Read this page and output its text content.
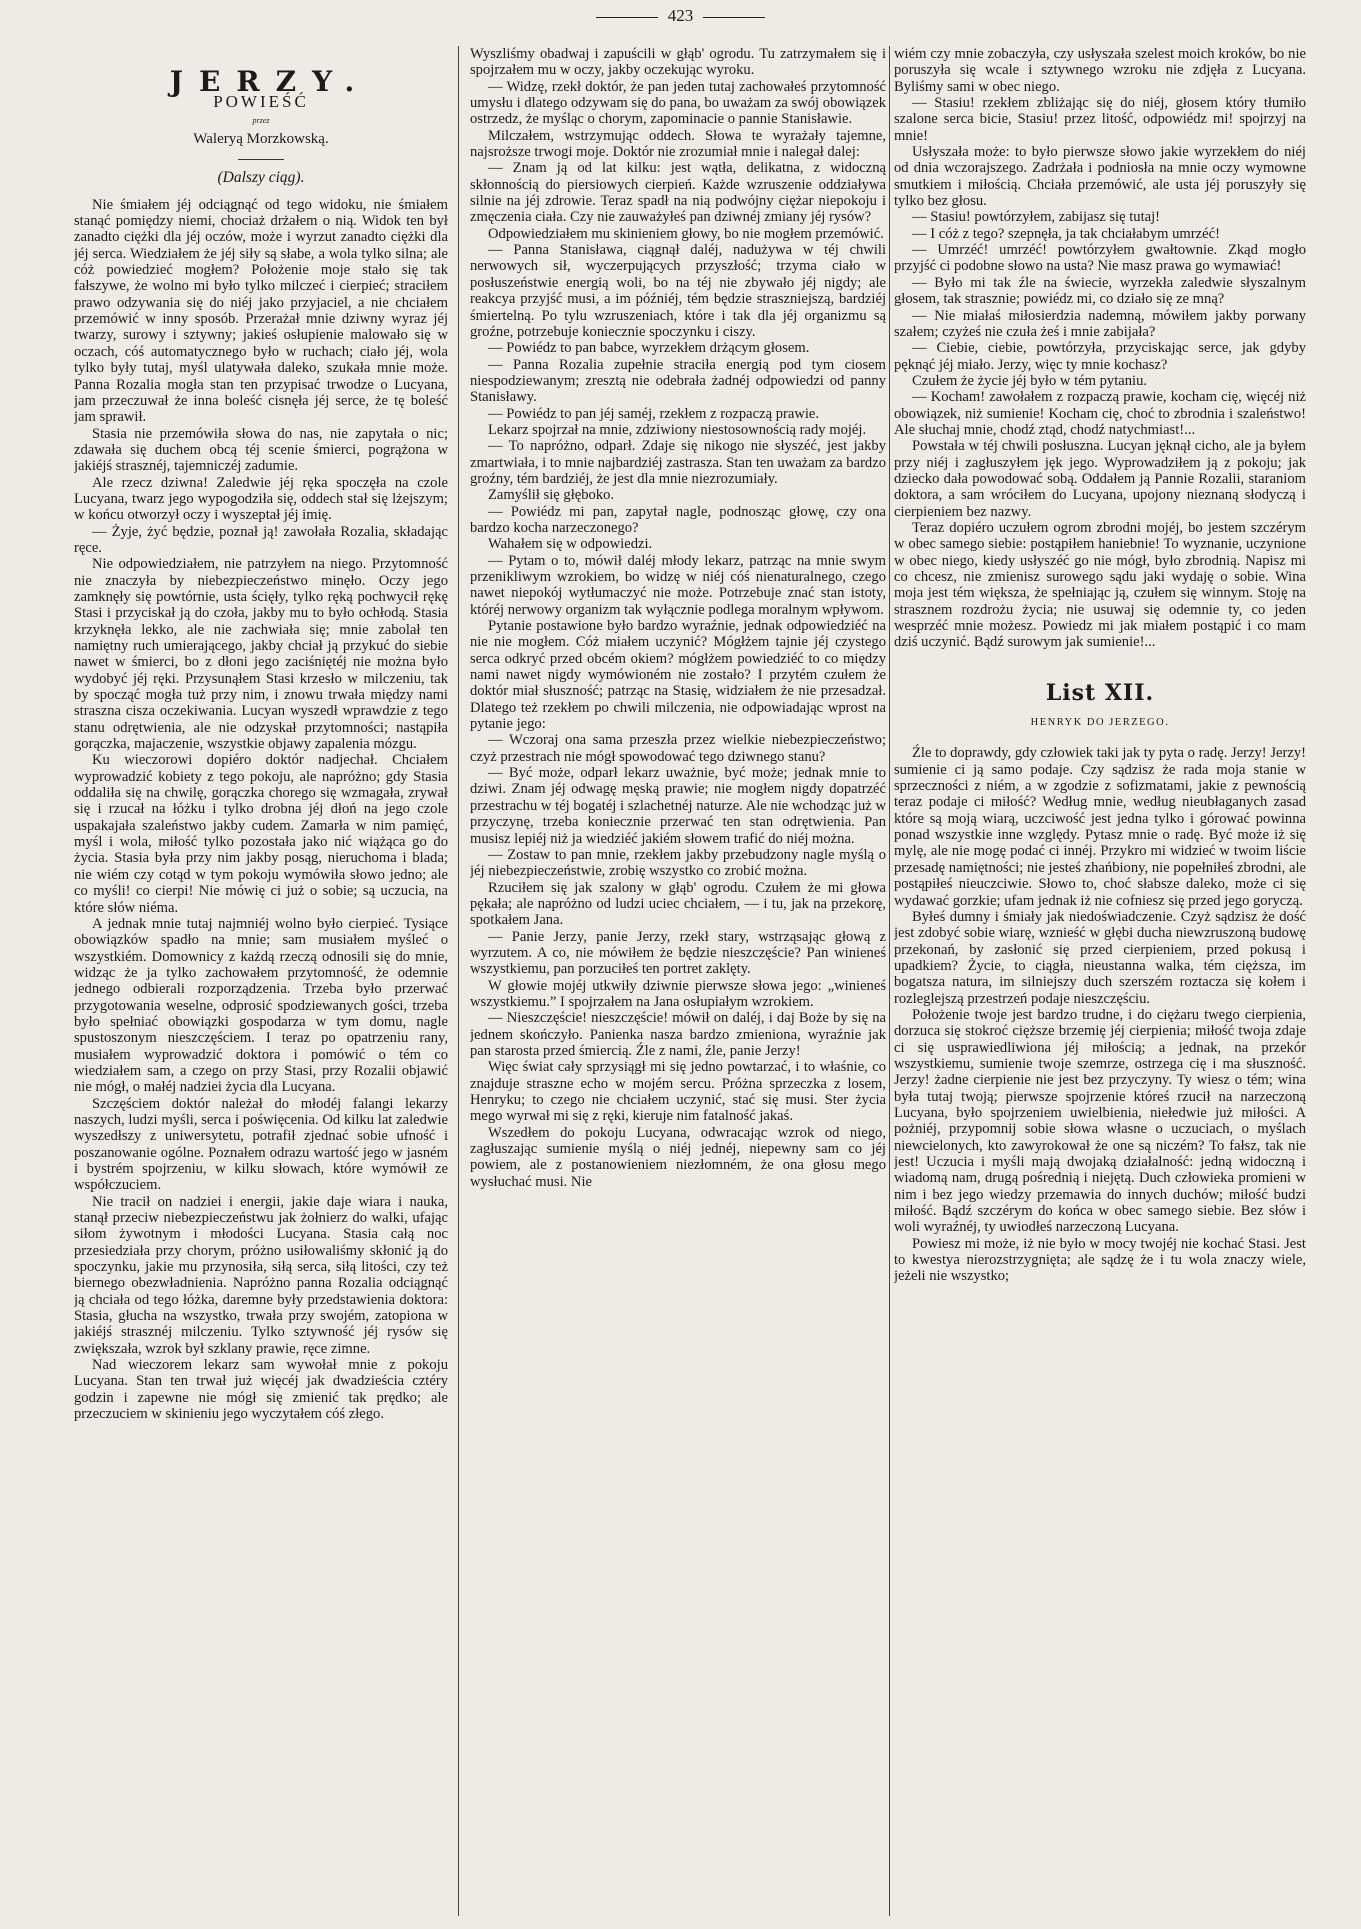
423
JERZY.
POWIEŚĆ
przez
Waleryą Morzkowską.
(Dalszy ciąg).

Nie śmiałem jéj odciągnąć od tego widoku, nie śmiałem stanąć pomiędzy niemi, chociaż drżałem o nią. Widok ten był zanadto ciężki dla jéj oczów, może i wyrzut zanadto ciężki dla jéj serca. Wiedziałem że jéj siły są słabe, a wola tylko silna; ale cóż powiedzieć mogłem? Położenie moje stało się tak fałszywe, że wolno mi było tylko milczeć i cierpieć; straciłem prawo odzywania się do niéj jako przyjaciel, a nie chciałem przemówić w inny sposób. Przerażał mnie dziwny wyraz jéj twarzy, surowy i sztywny; jakieś osłupienie malowało się w oczach, cóś automatycznego było w ruchach; ciało jéj, wola tylko były tutaj, myśl ulatywała daleko, szukała mnie może. Panna Rozalia mogła stan ten przypisać trwodze o Lucyana, jam przeczuwał że inna boleść cisnęła jéj serce, że tę boleść jam sprawił.

Stasia nie przemówiła słowa do nas, nie zapytała o nic; zdawała się duchem obcą téj scenie śmierci, pogrążona w jakiéjś strasznéj, tajemniczéj zadumie.

Ale rzecz dziwna! Zaledwie jéj ręka spoczęła na czole Lucyana, twarz jego wypogodziła się, oddech stał się lżejszym; w końcu otworzył oczy i wyszeptał jéj imię.

— Żyje, żyć będzie, poznał ją! zawołała Rozalia, składając ręce.

Nie odpowiedziałem, nie patrzyłem na niego. Przytomność nie znaczyła by niebezpieczeństwo minęło. Oczy jego zamknęły się powtórnie, usta ścięły, tylko ręką pochwycił rękę Stasi i przyciskał ją do czoła, jakby mu to było ochłodą. Stasia krzyknęła lekko, ale nie zachwiała się; mnie zabolał ten namiętny ruch umierającego, jakby chciał ją przykuć do siebie nawet w śmierci, bo z dłoni jego zaciśniętéj nie można było wydobyć jéj ręki. Przysunąłem Stasi krzesło w milczeniu, tak by spocząć mogła tuż przy nim, i znowu trwała między nami straszna cisza oczekiwania. Lucyan wyszedł wprawdzie z tego stanu odrętwienia, ale nie odzyskał przytomności; nastąpiła gorączka, majaczenie, wszystkie objawy zapalenia mózgu.

Ku wieczorowi dopiéro doktór nadjechał. Chciałem wyprowadzić kobiety z tego pokoju, ale napróżno; gdy Stasia oddaliła się na chwilę, gorączka chorego się wzmagała, zrywał się i rzucał na łóżku i tylko drobna jéj dłoń na jego czole uspakajała szaleństwo jakby cudem. Zamarła w nim pamięć, myśl i wola, miłość tylko pozostała jako nić wiążąca go do życia. Stasia była przy nim jakby posąg, nieruchoma i blada; nie wiém czy cotąd w tym pokoju wymówiła słowo jedno; ale co myśli! co cierpi! Nie mówię ci już o sobie; są uczucia, na które słów niéma.

A jednak mnie tutaj najmniéj wolno było cierpieć. Tysiące obowiązków spadło na mnie; sam musiałem myśleć o wszystkiém. Domownicy z każdą rzeczą odnosili się do mnie, widząc że ja tylko zachowałem przytomność, że odemnie jednego odbierali rozporządzenia. Trzeba było przerwać przygotowania weselne, odprosić spodziewanych gości, trzeba było spełniać obowiązki gospodarza w tym domu, nagle spustoszonym nieszczęściem. I teraz po opatrzeniu rany, musiałem wyprowadzić doktora i pomówić o tém co wiedziałem sam, a czego on przy Stasi, przy Rozalii objawić nie mógł, o małéj nadziei życia dla Lucyana.

Szczęściem doktór należał do młodéj falangi lekarzy naszych, ludzi myśli, serca i poświęcenia. Od kilku lat zaledwie wyszedłszy z uniwersytetu, potrafił zjednać sobie ufność i poszanowanie ogólne. Poznałem odrazu wartość jego w jasném i bystrém spojrzeniu, w kilku słowach, które wymówił ze współczuciem.

Nie tracił on nadziei i energii, jakie daje wiara i nauka, stanął przeciw niebezpieczeństwu jak żołnierz do walki, ufając siłom żywotnym i młodości Lucyana. Stasia całą noc przesiedziała przy chorym, próżno usiłowaliśmy skłonić ją do spoczynku, jakie mu przynosiła, siłą serca, siłą litości, czy też biernego obezwładnienia. Napróżno panna Rozalia odciągnąć ją chciała od tego łóżka, daremne były przedstawienia doktora: Stasia, głucha na wszystko, trwała przy swojém, zatopiona w jakiéjś strasznéj milczeniu. Tylko sztywność jéj rysów się zwiększała, wzrok był szklany prawie, ręce zimne.

Nad wieczorem lekarz sam wywołał mnie z pokoju Lucyana. Stan ten trwał już więcéj jak dwadzieścia cztéry godzin i zapewne nie mógł się zmienić tak prędko; ale przeczuciem w skinieniu jego wyczytałem cóś złego.

Wyszliśmy obadwaj i zapuścili w głąb' ogrodu. Tu zatrzymałem się i spojrzałem mu w oczy, jakby oczekując wyroku.

— Widzę, rzekł doktór, że pan jeden tutaj zachowałeś przytomność umysłu i dlatego odzywam się do pana, bo uważam za swój obowiązek ostrzedz, że myśląc o chorym, zapominacie o pannie Stanisławie.

Milczałem, wstrzymując oddech. Słowa te wyrażały tajemne, najsroższe trwogi moje. Doktór nie zrozumiał mnie i nalegał dalej:

— Znam ją od lat kilku: jest wątła, delikatna, z widoczną skłonnością do piersiowych cierpień. Każde wzruszenie oddziaływa silnie na jéj zdrowie. Teraz spadł na nią podwójny ciężar niepokoju i zmęczenia ciała. Czy nie zauważyłeś pan dziwnéj zmiany jéj rysów?

Odpowiedziałem mu skinieniem głowy, bo nie mogłem przemówić.

— Panna Stanisława, ciągnął daléj, nadużywa w téj chwili nerwowych sił, wyczerpujących przyszłość; trzyma ciało w posłuszeństwie energią woli, bo na téj nie zbywało jéj nigdy; ale reakcya przyjść musi, a im późniéj, tém będzie straszniejszą, bardziéj śmiertelną. Po tylu wzruszeniach, które i tak dla jéj organizmu są groźne, potrzebuje koniecznie spoczynku i ciszy.

— Powiédz to pan babce, wyrzekłem drżącym głosem.

— Panna Rozalia zupełnie straciła energią pod tym ciosem niespodziewanym; zresztą nie odebrała żadnéj odpowiedzi od panny Stanisławy.

— Powiédz to pan jéj saméj, rzekłem z rozpaczą prawie.

Lekarz spojrzał na mnie, zdziwiony niestosownością rady mojéj.

— To napróżno, odparł. Zdaje się nikogo nie słyszéć, jest jakby zmartwiała, i to mnie najbardziéj zastrasza. Stan ten uważam za bardzo groźny, tém bardziéj, że jest dla mnie niezrozumiały.

Zamyślił się głęboko.

— Powiédz mi pan, zapytał nagle, podnosząc głowę, czy ona bardzo kocha narzeczonego?

Wahałem się w odpowiedzi.

— Pytam o to, mówił daléj młody lekarz, patrząc na mnie swym przenikliwym wzrokiem, bo widzę w niéj cóś nienaturalnego, czego nawet niepokój wytłumaczyć nie może. Potrzebuje znać stan istoty, któréj nerwowy organizm tak wyłącznie podlega moralnym wpływom.

Pytanie postawione było bardzo wyraźnie, jednak odpowiedziéć na nie nie mogłem. Cóż miałem uczynić? Mógłżem tajnie jéj czystego serca odkryć przed obcém okiem? mógłżem powiedziéć to co między nami nawet nigdy wymówioném nie zostało? I przytém czułem że doktór miał słuszność; patrząc na Stasię, widziałem że nie przesadzał. Dlatego też rzekłem po chwili milczenia, nie odpowiadając wprost na pytanie jego:

— Wczoraj ona sama przeszła przez wielkie niebezpieczeństwo; czyż przestrach nie mógł spowodować tego dziwnego stanu?

— Być może, odparł lekarz uważnie, być może; jednak mnie to dziwi. Znam jéj odwagę męską prawie; nie mogłem nigdy dopatrzéć przestrachu w téj bogatéj i szlachetnéj naturze. Ale nie wchodząc już w przyczynę, trzeba koniecznie przerwać ten stan odrętwienia. Pan musisz lepiéj niż ja wiedziéć jakiém słowem trafić do niéj można.

— Zostaw to pan mnie, rzekłem jakby przebudzony nagle myślą o jéj niebezpieczeństwie, zrobię wszystko co zrobić można.

Rzuciłem się jak szalony w głąb' ogrodu. Czułem że mi głowa pękała; ale napróżno od ludzi uciec chciałem, — i tu, jak na przekorę, spotkałem Jana.

— Panie Jerzy, panie Jerzy, rzekł stary, wstrząsając głową z wyrzutem. A co, nie mówiłem że będzie nieszczęście? Pan winieneś wszystkiemu, pan porzuciłeś ten portret zaklęty.

W głowie mojéj utkwiły dziwnie pierwsze słowa jego: „winieneś wszystkiemu.” I spojrzałem na Jana osłupiałym wzrokiem.

— Nieszczęście! nieszczęście! mówił on daléj, i daj Boże by się na jednem skończyło. Panienka nasza bardzo zmieniona, wyraźnie jak pan starosta przed śmiercią. Źle z nami, źle, panie Jerzy!

Więc świat cały sprzysiągł mi się jedno powtarzać, i to właśnie, co znajduje straszne echo w mojém sercu. Próżna sprzeczka z losem, Henryku; to czego nie chciałem uczynić, stać się musi. Ster życia mego wyrwał mi się z ręki, kieruje nim fatalność jakaś.

Wszedłem do pokoju Lucyana, odwracając wzrok od niego, zagłuszając sumienie myślą o niéj jednéj, niepewny sam co jéj powiem, ale z postanowieniem niezłomném, że ona głosu mego wysłuchać musi. Nie

wiém czy mnie zobaczyła, czy usłyszała szelest moich kroków, bo nie poruszyła się wcale i sztywnego wzroku nie zdjęła z Lucyana. Byliśmy sami w obec niego.

— Stasiu! rzekłem zbliżając się do niéj, głosem który tłumiło szalone serca bicie, Stasiu! przez litość, odpowiédz mi! spojrzyj na mnie!

Usłyszała może: to było pierwsze słowo jakie wyrzekłem do niéj od dnia wczorajszego. Zadrżała i podniosła na mnie oczy wymowne smutkiem i miłością. Chciała przemówić, ale usta jéj poruszyły się tylko bez głosu.

— Stasiu! powtórzyłem, zabijasz się tutaj!

— I cóż z tego? szepnęła, ja tak chciałabym umrzéć!

— Umrzéć! umrzéć! powtórzyłem gwałtownie. Zkąd mogło przyjść ci podobne słowo na usta? Nie masz prawa go wymawiać!

— Było mi tak źle na świecie, wyrzekła zaledwie słyszalnym głosem, tak strasznie; powiédz mi, co działo się ze mną?

— Nie miałaś miłosierdzia nademną, mówiłem jakby porwany szałem; czyżeś nie czuła żeś i mnie zabijała?

— Ciebie, ciebie, powtórzyła, przyciskając serce, jak gdyby pęknąć jéj miało. Jerzy, więc ty mnie kochasz?

Czułem że życie jéj było w tém pytaniu.

— Kocham! zawołałem z rozpaczą prawie, kocham cię, więcéj niż obowiązek, niż sumienie! Kocham cię, choć to zbrodnia i szaleństwo! Ale słuchaj mnie, chodź ztąd, chodź natychmiast!...

Powstała w téj chwili posłuszna. Lucyan jęknął cicho, ale ja byłem przy niéj i zagłuszyłem jęk jego. Wyprowadziłem ją z pokoju; jak dziecko dała powodować sobą. Oddałem ją Pannie Rozalii, staraniom doktora, a sam wróciłem do Lucyana, upojony nieznaną słodyczą i cierpieniem bez nazwy.

Teraz dopiéro uczułem ogrom zbrodni mojéj, bo jestem szczérym w obec samego siebie: postąpiłem haniebnie! To wyznanie, uczynione w obec niego, kiedy usłyszéć go nie mógł, było zbrodnią. Napisz mi co chcesz, nie zmienisz surowego sądu jaki wydaję o sobie. Wina moja jest tém większa, że spełniając ją, czułem się winnym. Stoję na strasznem rozdrożu życia; nie usuwaj się odemnie ty, co jeden wesprzéć mnie możesz. Powiedz mi jak miałem postąpić i co mam dziś uczynić. Bądź surowym jak sumienie!...

List XII.
HENRYK DO JERZEGO.

Źle to doprawdy, gdy człowiek taki jak ty pyta o radę. Jerzy! Jerzy! sumienie ci ją samo podaje. Czy sądzisz że rada moja stanie w sprzeczności z niém, a w zgodzie z sofizmatami, jakie z pewnością teraz podaje ci miłość? Według mnie, według nieubłaganych zasad które są moją wiarą, uczciwość jest jedna tylko i górować powinna ponad wszystkie inne względy. Pytasz mnie o radę. Być może iż się mylę, ale nie mogę podać ci innéj. Przykro mi widzieć w twoim liście przesadę namiętności; nie jesteś zhańbiony, nie popełniłeś zbrodni, ale postąpiłeś nieuczciwie. Słowo to, choć słabsze daleko, może ci się wydawać gorzkie; ufam jednak iż nie cofniesz się przed jego goryczą.

Byłeś dumny i śmiały jak niedoświadczenie. Czyż sądzisz że dość jest zdobyć sobie wiarę, wznieść w głębi ducha niewzruszoną budowę przekonań, by zasłonić się przed cierpieniem, przed pokusą i upadkiem? Życie, to ciągła, nieustanna walka, tém cięższa, im bogatsza natura, im silniejszy duch szerszém roztacza się kołem i rozleglejszą przestrzeń podaje nieszczęściu.

Położenie twoje jest bardzo trudne, i do ciężaru twego cierpienia, dorzuca się stokroć cięższe brzemię jéj cierpienia; miłość twoja zdaje ci się usprawiedliwiona jéj miłością; a jednak, na przekór wszystkiemu, sumienie twoje szemrze, ostrzega cię i ma słuszność. Jerzy! żadne cierpienie nie jest bez przyczyny. Ty wiesz o tém; wina była tutaj twoją; pierwsze spojrzenie któreś rzucił na narzeczoną Lucyana, było spojrzeniem uwielbienia, niełedwie już miłości. A pożniéj, przypomnij sobie słowa własne o uczuciach, o myślach niewcielonych, kto zawyrokował że one są niczém? To fałsz, tak nie jest! Uczucia i myśli mają dwojaką działalność: jedną widoczną i wiadomą nam, drugą pośrednią i niejętą. Duch człowieka promieni w nim i bez jego wiedzy przemawia do innych duchów; miłość budzi miłość. Bądź szczérym do końca w obec samego siebie. Bez słów i woli wyraźnéj, ty uwiodłeś narzeczoną Lucyana.

Powiesz mi może, iż nie było w mocy twojéj nie kochać Stasi. Jest to kwestya nierozstrzygnięta; ale sądzę że i tu wola znaczy wiele, jeżeli nie wszystko;
